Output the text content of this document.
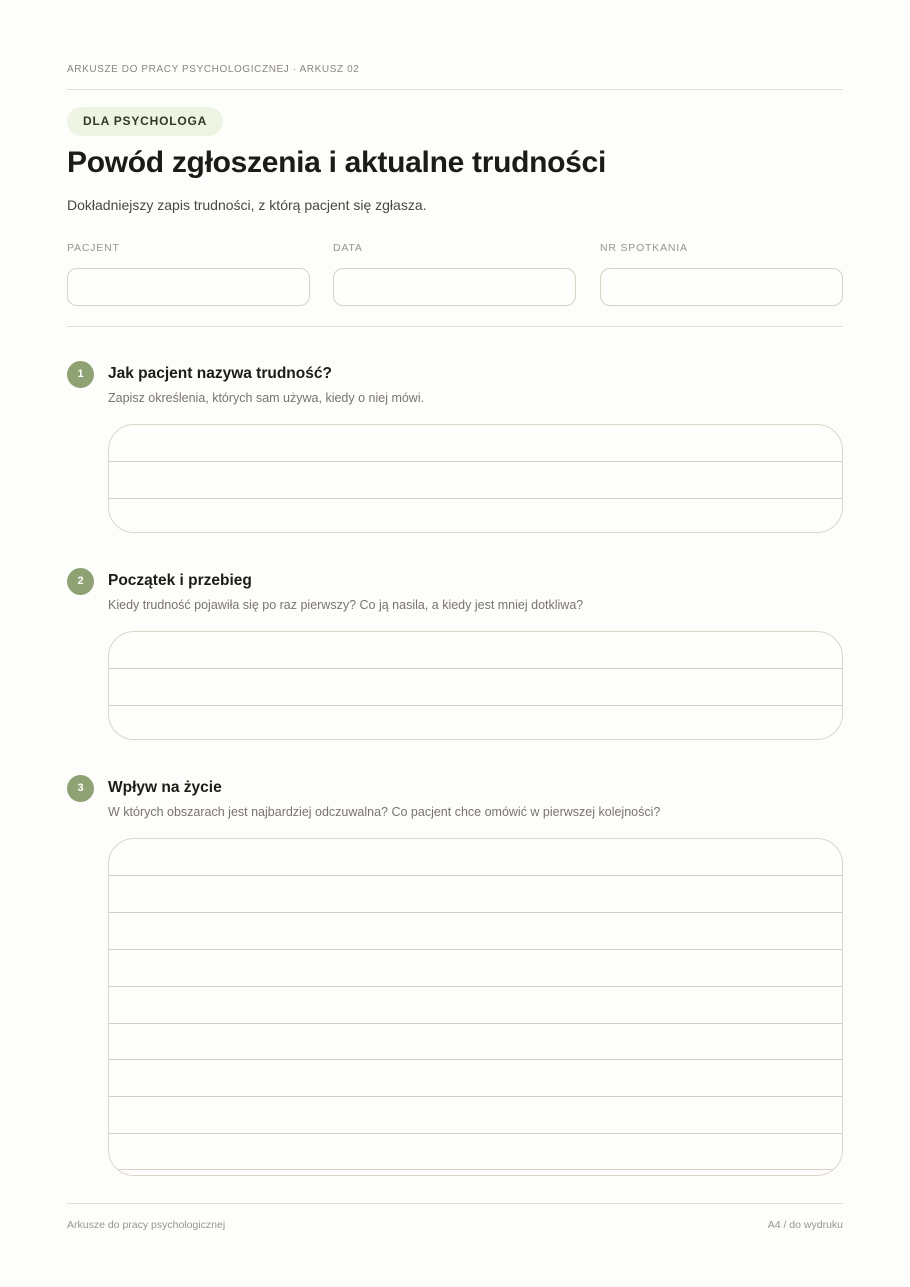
ARKUSZE DO PRACY PSYCHOLOGICZNEJ · ARKUSZ 02
DLA PSYCHOLOGA
Powód zgłoszenia i aktualne trudności
Dokładniejszy zapis trudności, z którą pacjent się zgłasza.
PACJENT	DATA	NR SPOTKANIA
1	Jak pacjent nazywa trudność?
Zapisz określenia, których sam używa, kiedy o niej mówi.
2	Początek i przebieg
Kiedy trudność pojawiła się po raz pierwszy? Co ją nasila, a kiedy jest mniej dotkliwa?
3	Wpływ na życie
W których obszarach jest najbardziej odczuwalna? Co pacjent chce omówić w pierwszej kolejności?
Arkusze do pracy psychologicznej	A4 / do wydruku
